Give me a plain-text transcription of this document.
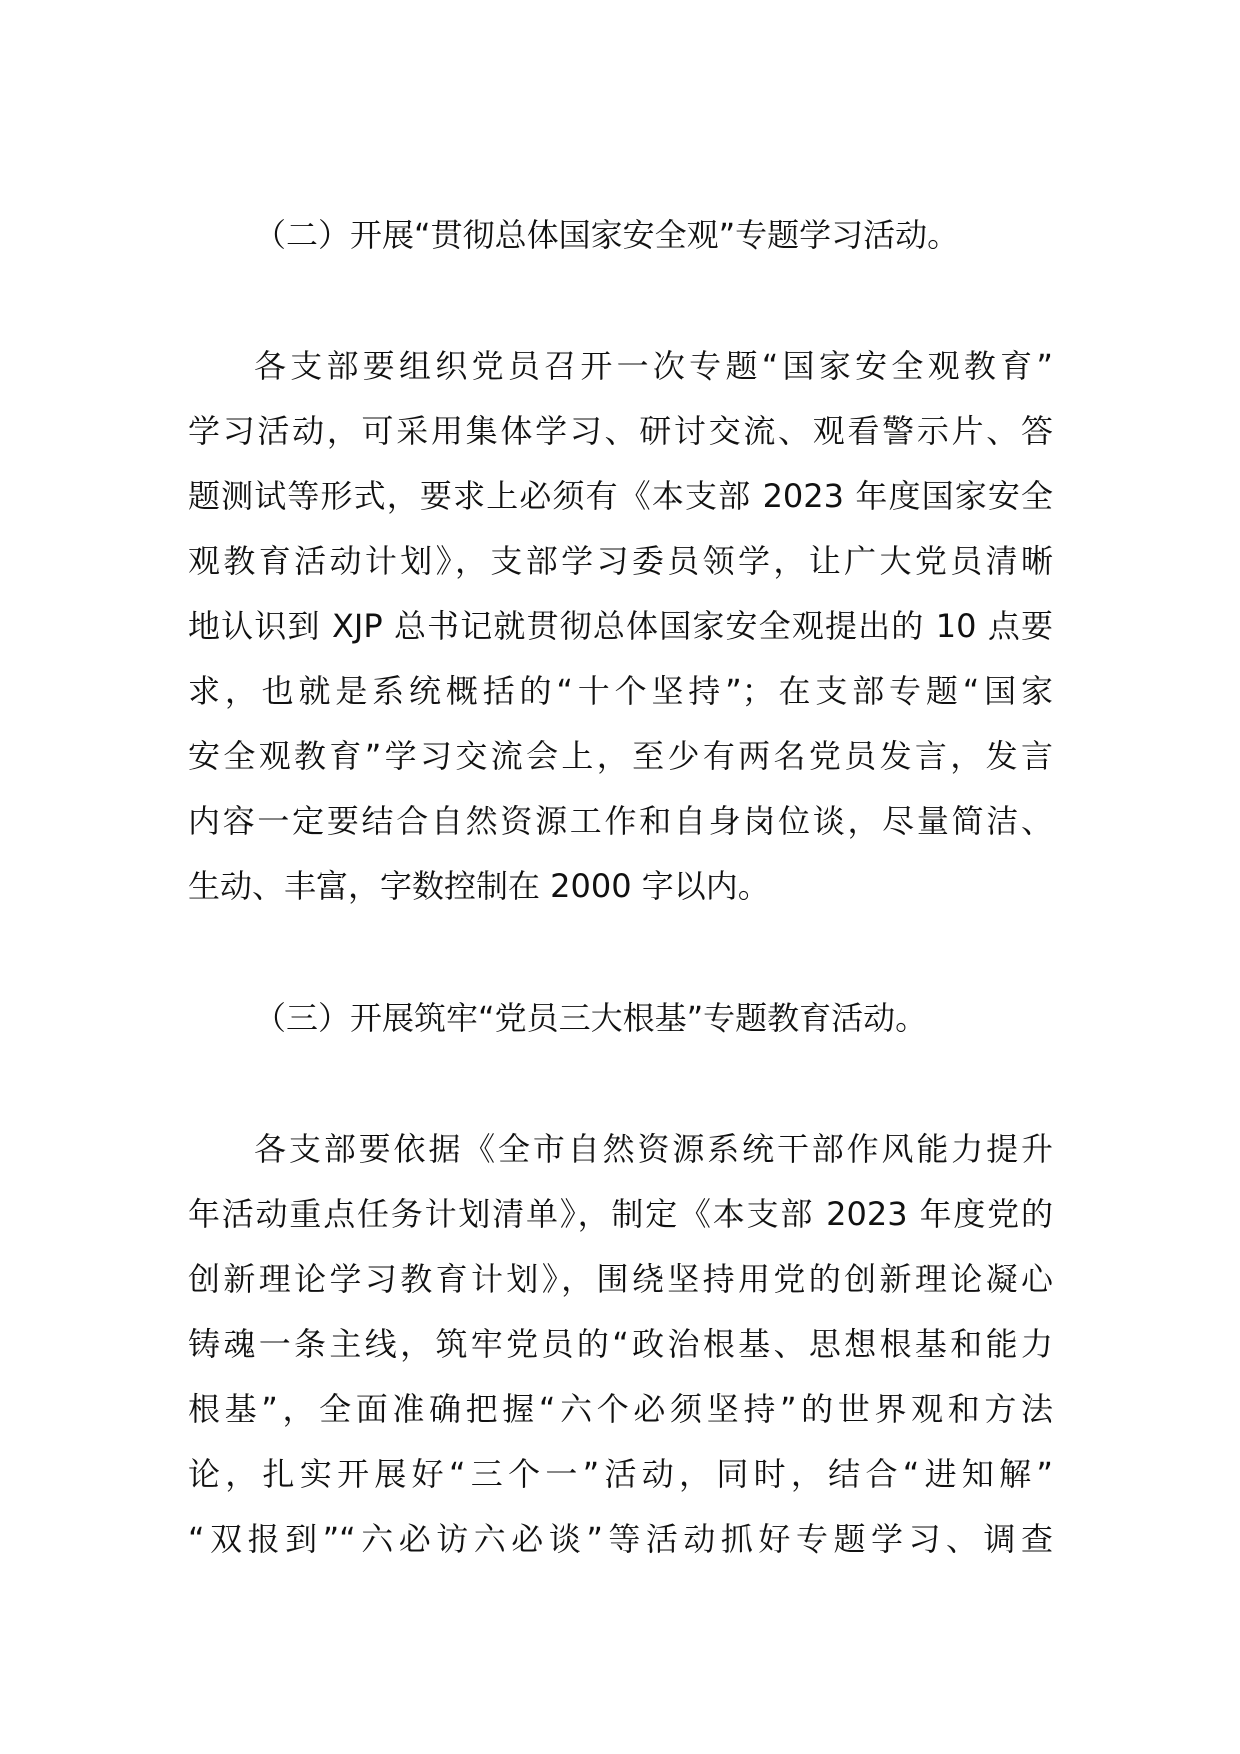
（二）开展“贯彻总体国家安全观”专题学习活动。

各支部要组织党员召开一次专题“国家安全观教育”
学习活动，可采用集体学习、研讨交流、观看警示片、答
题测试等形式，要求上必须有《本支部 2023 年度国家安全
观教育活动计划》，支部学习委员领学，让广大党员清晰
地认识到 XJP 总书记就贯彻总体国家安全观提出的 10 点要
求，也就是系统概括的“十个坚持”；在支部专题“国家
安全观教育”学习交流会上，至少有两名党员发言，发言
内容一定要结合自然资源工作和自身岗位谈，尽量简洁、
生动、丰富，字数控制在 2000 字以内。

（三）开展筑牢“党员三大根基”专题教育活动。

各支部要依据《全市自然资源系统干部作风能力提升
年活动重点任务计划清单》，制定《本支部 2023 年度党的
创新理论学习教育计划》，围绕坚持用党的创新理论凝心
铸魂一条主线，筑牢党员的“政治根基、思想根基和能力
根基”，全面准确把握“六个必须坚持”的世界观和方法
论，扎实开展好“三个一”活动，同时，结合“进知解”
“双报到”“六必访六必谈”等活动抓好专题学习、调查
